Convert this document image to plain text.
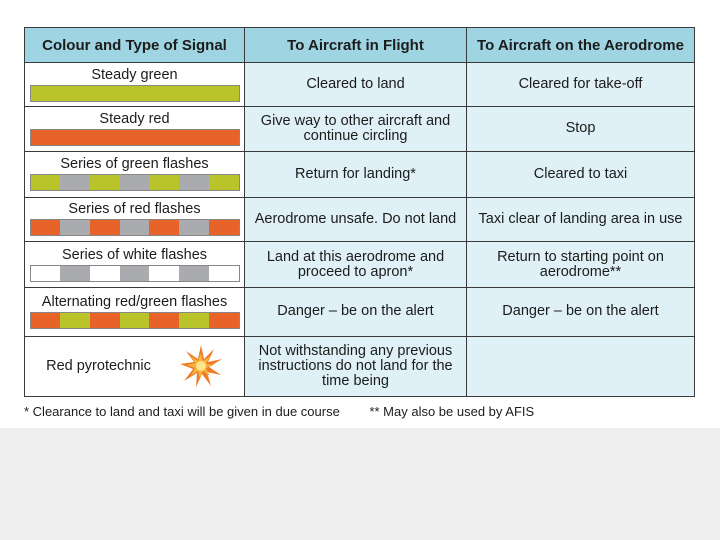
Colour and Type of Signal	To Aircraft in Flight	To Aircraft on the Aerodrome

Steady green	Cleared to land	Cleared for take-off

Steady red	Give way to other aircraft and continue circling	Stop

Series of green flashes	Return for landing*	Cleared to taxi

Series of red flashes	Aerodrome unsafe. Do not land	Taxi clear of landing area in use

Series of white flashes	Land at this aerodrome and proceed to apron*	Return to starting point on aerodrome**

Alternating red/green flashes	Danger – be on the alert	Danger – be on the alert

Red pyrotechnic	Not withstanding any previous instructions do not land for the time being	
* Clearance to land and taxi will be given in due course ** May also be used by AFIS
